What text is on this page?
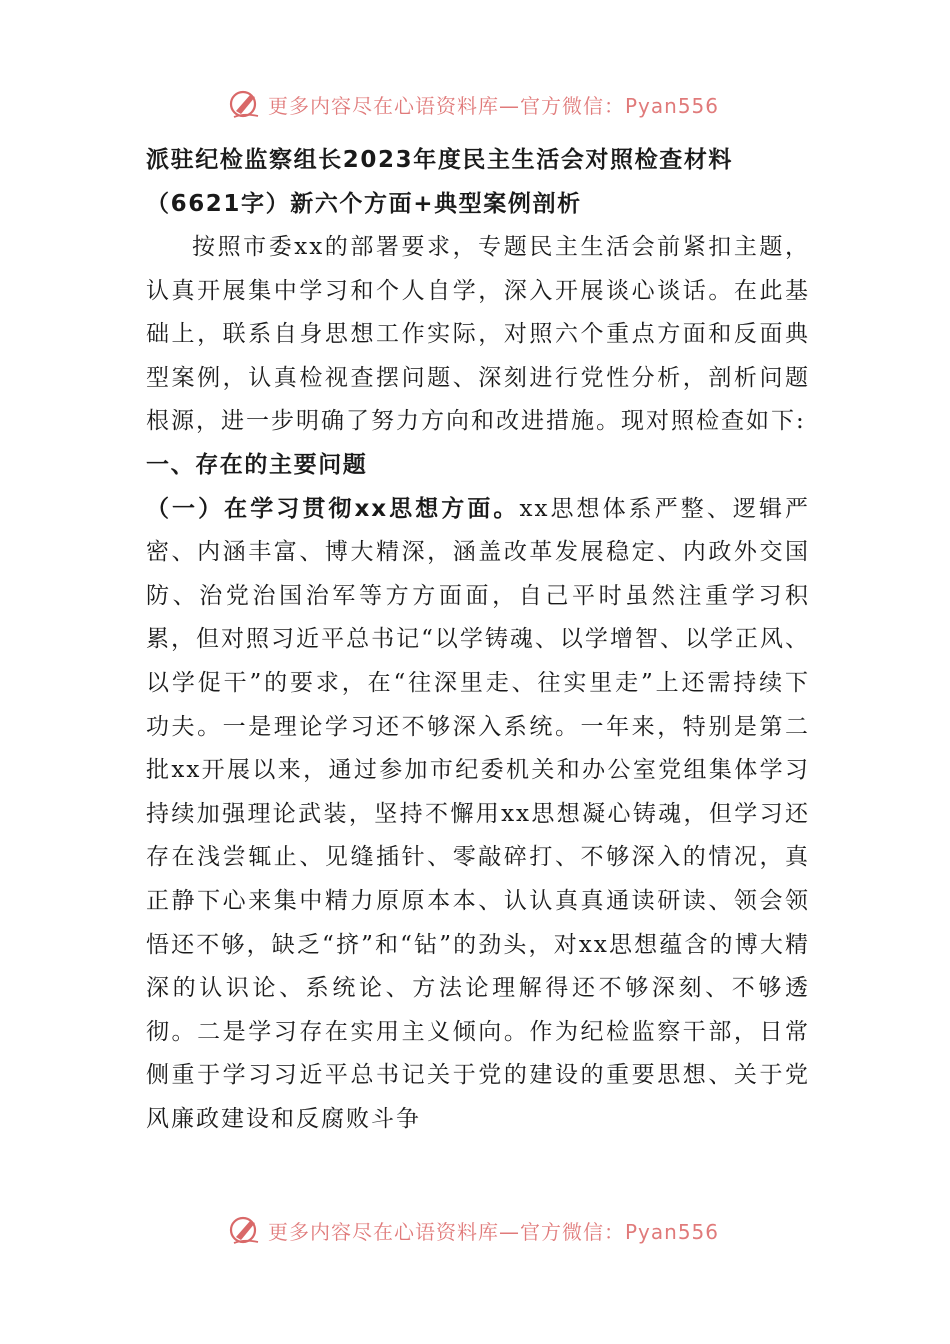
更多内容尽在心语资料库—官方微信：Pyan556

派驻纪检监察组长2023年度民主生活会对照检查材料

（6621字）新六个方面+典型案例剖析

按照市委xx的部署要求，专题民主生活会前紧扣主题，认真开展集中学习和个人自学，深入开展谈心谈话。在此基础上，联系自身思想工作实际，对照六个重点方面和反面典型案例，认真检视查摆问题、深刻进行党性分析，剖析问题根源，进一步明确了努力方向和改进措施。现对照检查如下:

一、存在的主要问题

（一）在学习贯彻xx思想方面。xx思想体系严整、逻辑严密、内涵丰富、博大精深，涵盖改革发展稳定、内政外交国防、治党治国治军等方方面面，自己平时虽然注重学习积累，但对照习近平总书记“以学铸魂、以学增智、以学正风、以学促干”的要求，在“往深里走、往实里走”上还需持续下功夫。一是理论学习还不够深入系统。一年来，特别是第二批xx开展以来，通过参加市纪委机关和办公室党组集体学习持续加强理论武装，坚持不懈用xx思想凝心铸魂，但学习还存在浅尝辄止、见缝插针、零敲碎打、不够深入的情况，真正静下心来集中精力原原本本、认认真真通读研读、领会领悟还不够，缺乏“挤”和“钻”的劲头，对xx思想蕴含的博大精深的认识论、系统论、方法论理解得还不够深刻、不够透彻。二是学习存在实用主义倾向。作为纪检监察干部，日常侧重于学习习近平总书记关于党的建设的重要思想、关于党风廉政建设和反腐败斗争

更多内容尽在心语资料库—官方微信：Pyan556
